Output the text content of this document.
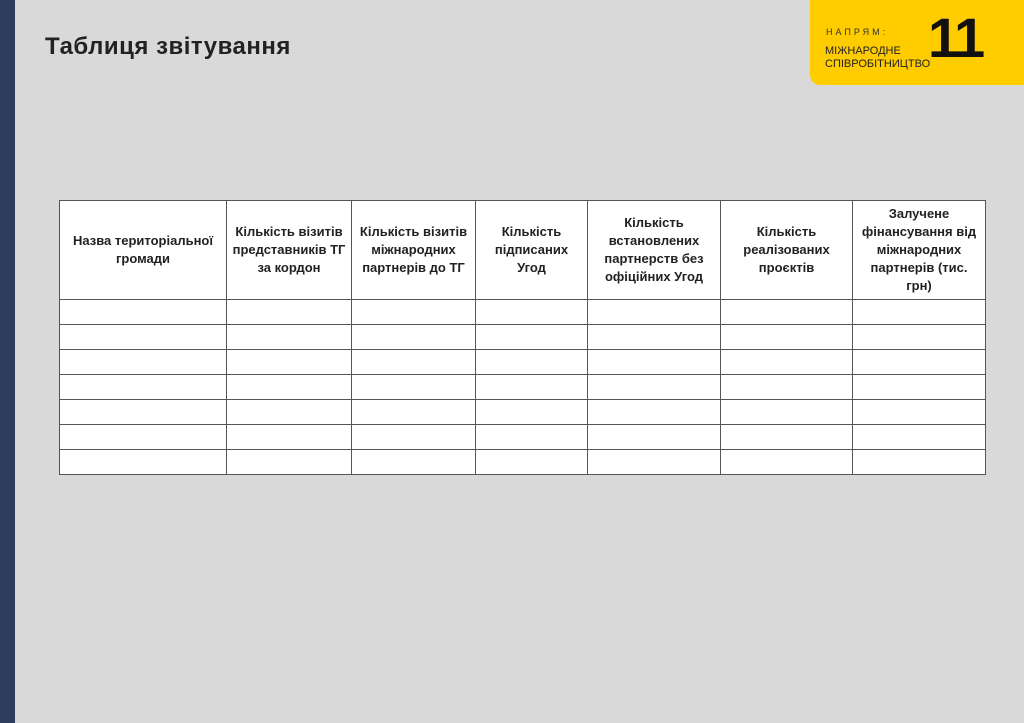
Таблиця звітування
НАПРЯМ:
МІЖНАРОДНЕ
СПІВРОБІТНИЦТВО
11
Назва територіальної громади	Кількість візитів представників ТГ за кордон	Кількість візитів міжнародних партнерів до ТГ	Кількість підписаних Угод	Кількість встановлених партнерств без офіційних Угод	Кількість реалізованих проєктів	Залучене фінансування від міжнародних партнерів (тис. грн)
